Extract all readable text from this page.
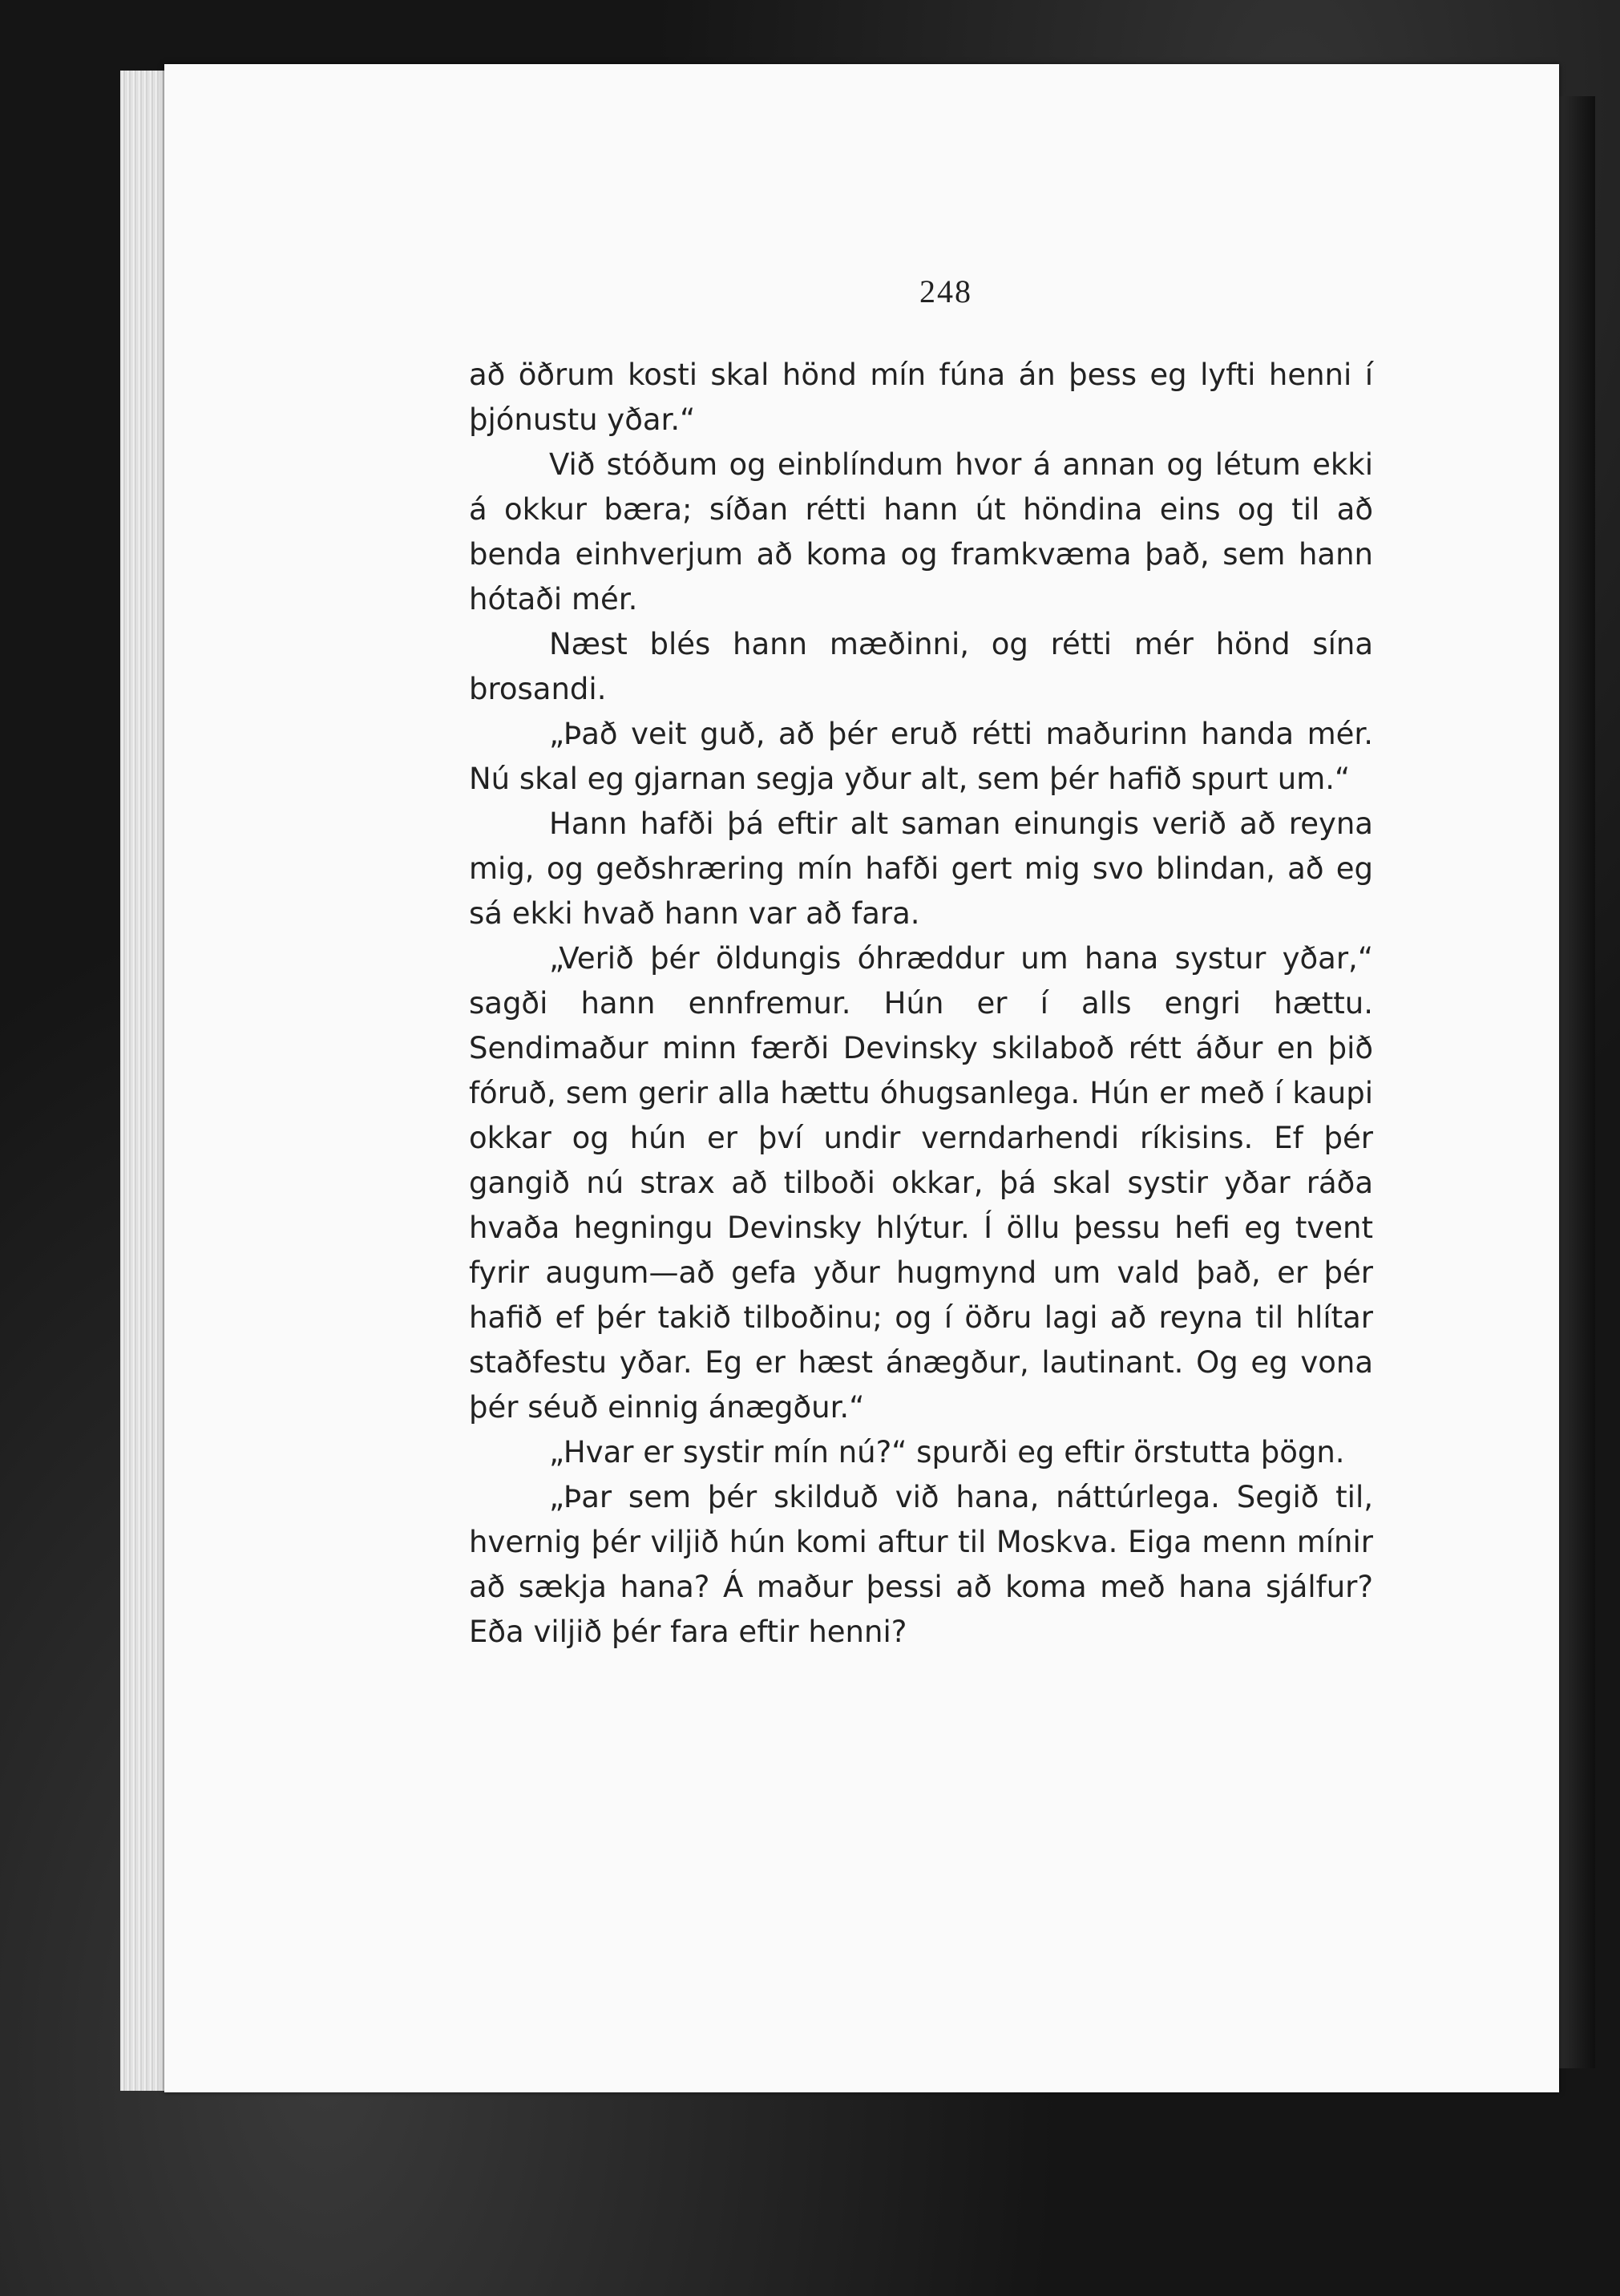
248

að öðrum kosti skal hönd mín fúna án þess eg lyfti henni í þjónustu yðar.“

Við stóðum og einblíndum hvor á annan og létum ekki á okkur bæra; síðan rétti hann út höndina eins og til að benda einhverjum að koma og framkvæma það, sem hann hótaði mér.

Næst blés hann mæðinni, og rétti mér hönd sína brosandi.

„Það veit guð, að þér eruð rétti maðurinn handa mér. Nú skal eg gjarnan segja yður alt, sem þér hafið spurt um.“

Hann hafði þá eftir alt saman einungis verið að reyna mig, og geðshræring mín hafði gert mig svo blindan, að eg sá ekki hvað hann var að fara.

„Verið þér öldungis óhræddur um hana systur yðar,“ sagði hann ennfremur. Hún er í alls engri hættu. Sendimaður minn færði Devinsky skilaboð rétt áður en þið fóruð, sem gerir alla hættu óhugsanlega. Hún er með í kaupi okkar og hún er því undir verndarhendi ríkisins. Ef þér gangið nú strax að tilboði okkar, þá skal systir yðar ráða hvaða hegningu Devinsky hlýtur. Í öllu þessu hefi eg tvent fyrir augum—að gefa yður hugmynd um vald það, er þér hafið ef þér takið tilboðinu; og í öðru lagi að reyna til hlítar staðfestu yðar. Eg er hæst ánægður, lautinant. Og eg vona þér séuð einnig ánægður.“

„Hvar er systir mín nú?“ spurði eg eftir örstutta þögn.

„Þar sem þér skilduð við hana, náttúrlega. Segið til, hvernig þér viljið hún komi aftur til Moskva. Eiga menn mínir að sækja hana? Á maður þessi að koma með hana sjálfur? Eða viljið þér fara eftir henni?
